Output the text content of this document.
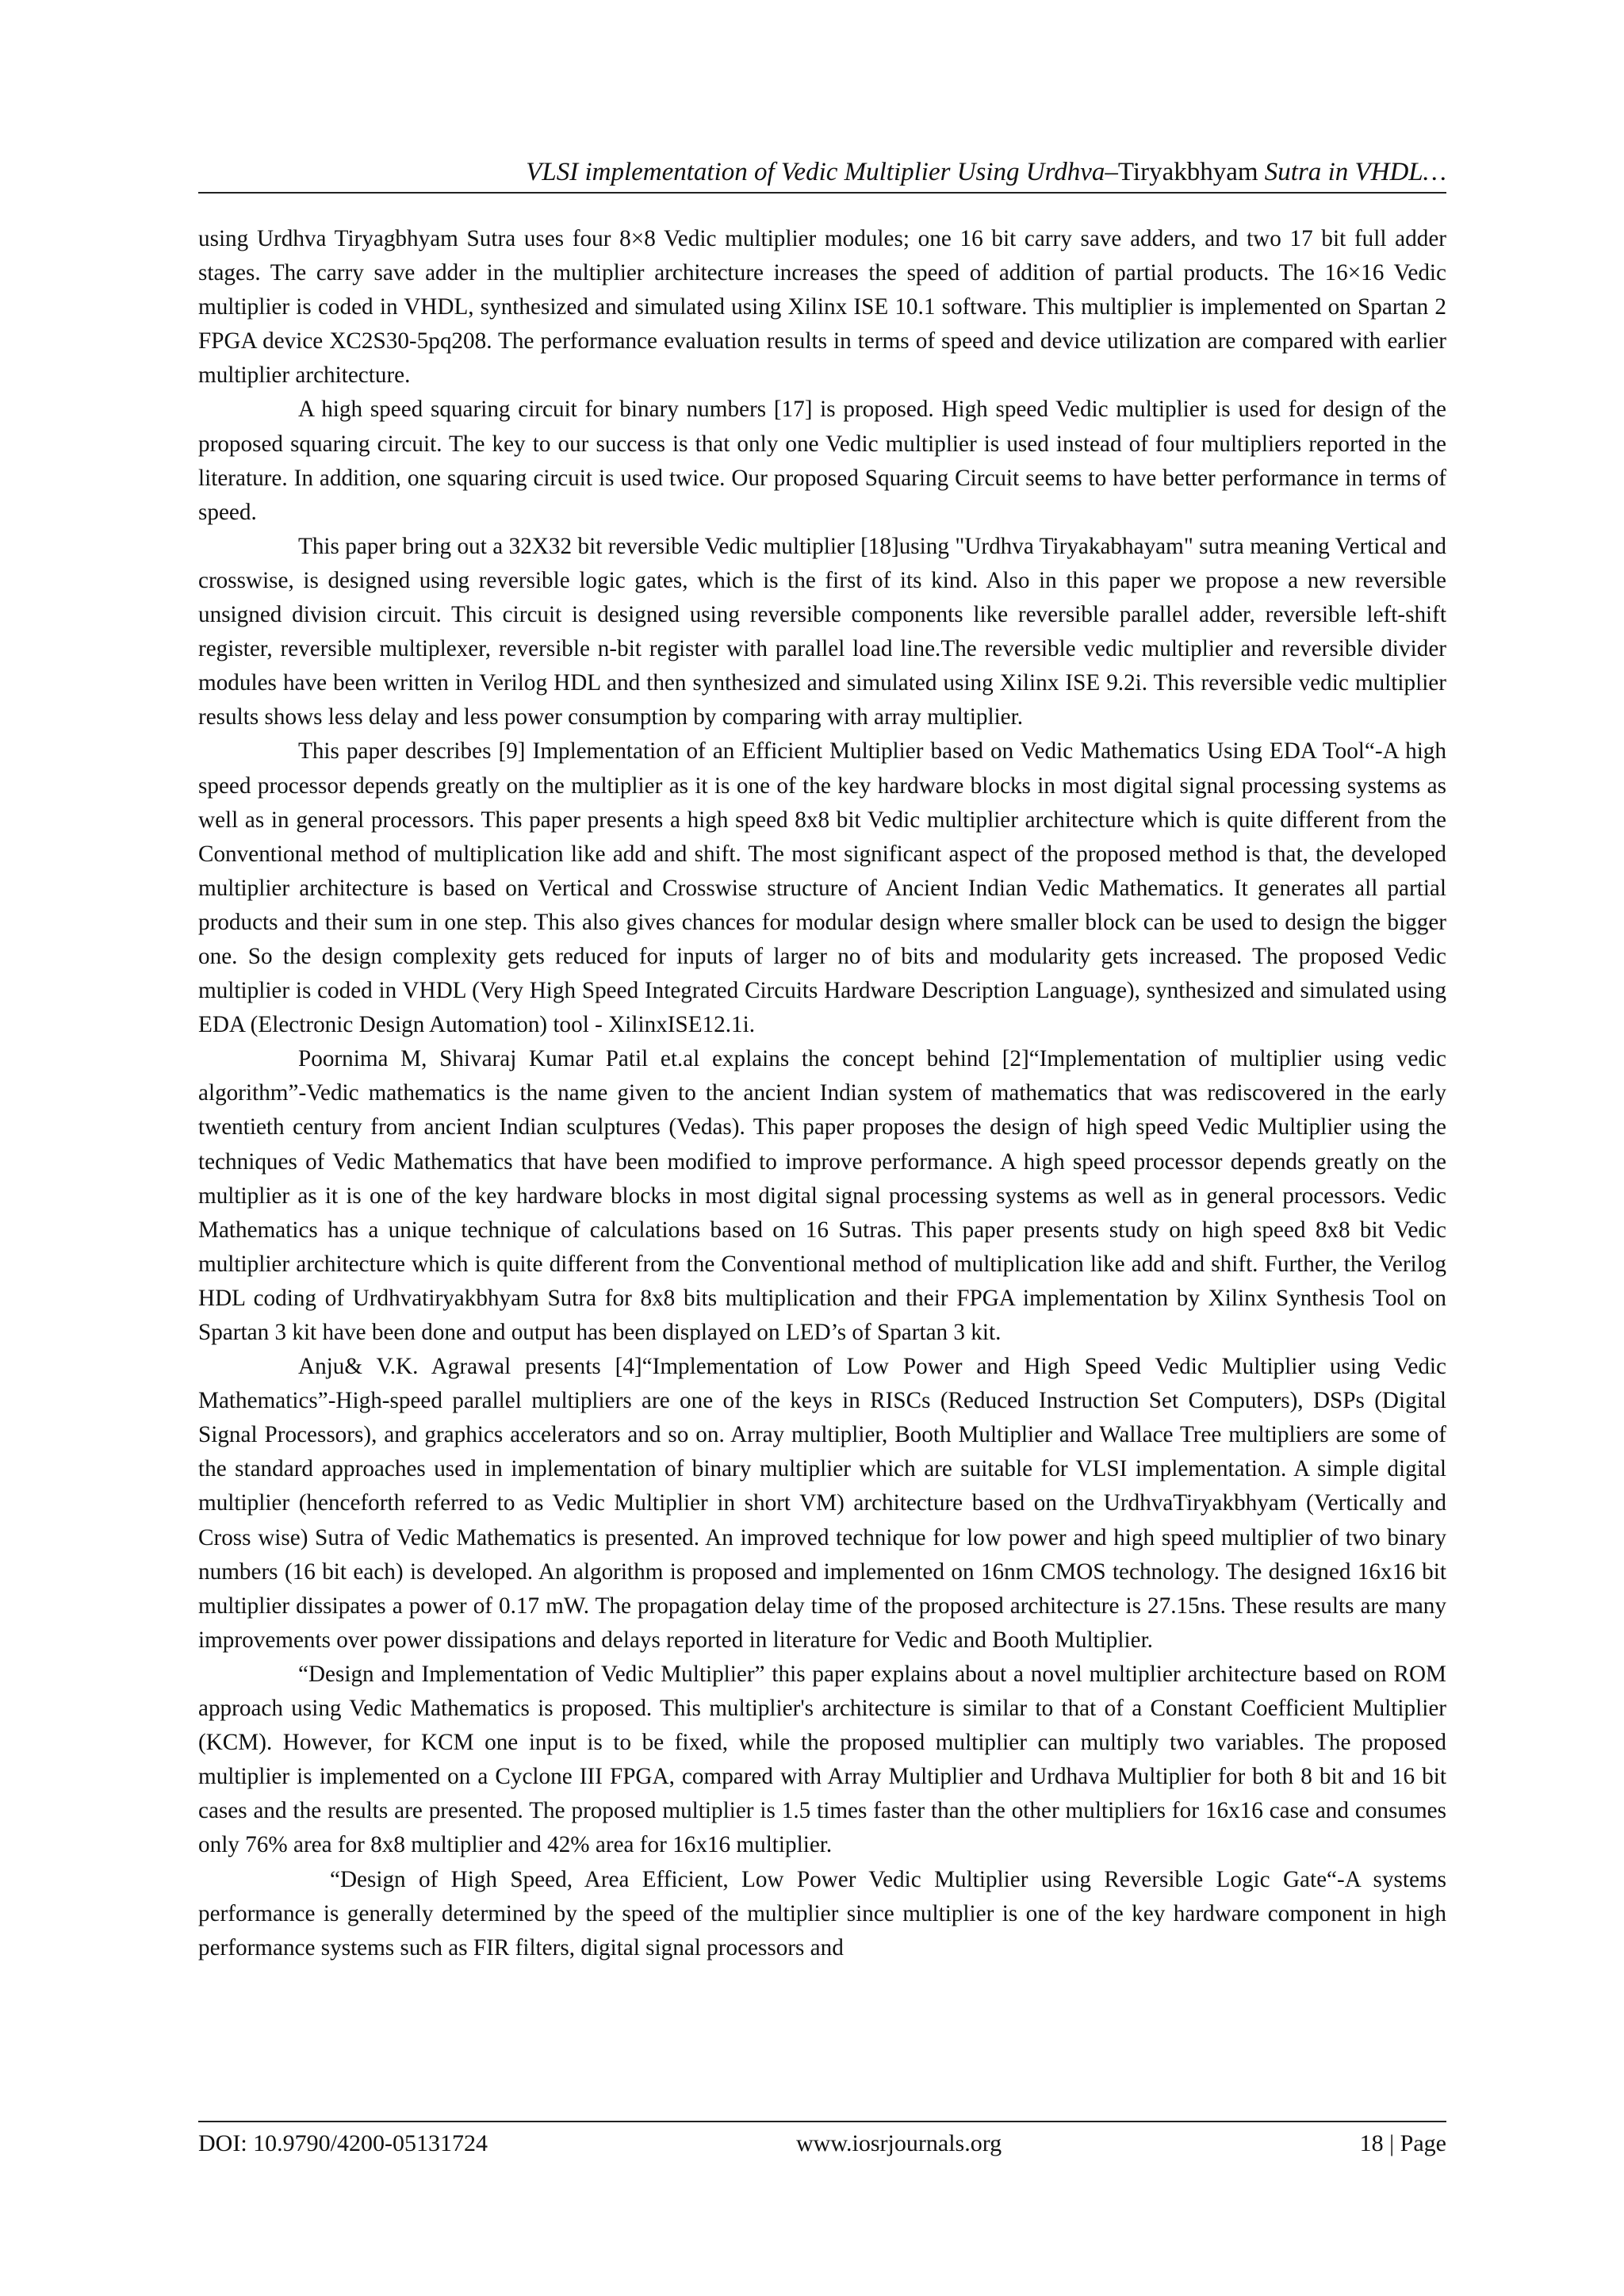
VLSI implementation of Vedic Multiplier Using Urdhva–Tiryakbhyam Sutra in VHDL…

using Urdhva Tiryagbhyam Sutra uses four 8×8 Vedic multiplier modules; one 16 bit carry save adders, and two 17 bit full adder stages. The carry save adder in the multiplier architecture increases the speed of addition of partial products. The 16×16 Vedic multiplier is coded in VHDL, synthesized and simulated using Xilinx ISE 10.1 software. This multiplier is implemented on Spartan 2 FPGA device XC2S30-5pq208. The performance evaluation results in terms of speed and device utilization are compared with earlier multiplier architecture.

A high speed squaring circuit for binary numbers [17] is proposed. High speed Vedic multiplier is used for design of the proposed squaring circuit. The key to our success is that only one Vedic multiplier is used instead of four multipliers reported in the literature. In addition, one squaring circuit is used twice. Our proposed Squaring Circuit seems to have better performance in terms of speed.

This paper bring out a 32X32 bit reversible Vedic multiplier [18]using "Urdhva Tiryakabhayam" sutra meaning Vertical and crosswise, is designed using reversible logic gates, which is the first of its kind. Also in this paper we propose a new reversible unsigned division circuit. This circuit is designed using reversible components like reversible parallel adder, reversible left-shift register, reversible multiplexer, reversible n-bit register with parallel load line.The reversible vedic multiplier and reversible divider modules have been written in Verilog HDL and then synthesized and simulated using Xilinx ISE 9.2i. This reversible vedic multiplier results shows less delay and less power consumption by comparing with array multiplier.

This paper describes [9] Implementation of an Efficient Multiplier based on Vedic Mathematics Using EDA Tool“-A high speed processor depends greatly on the multiplier as it is one of the key hardware blocks in most digital signal processing systems as well as in general processors. This paper presents a high speed 8x8 bit Vedic multiplier architecture which is quite different from the Conventional method of multiplication like add and shift. The most significant aspect of the proposed method is that, the developed multiplier architecture is based on Vertical and Crosswise structure of Ancient Indian Vedic Mathematics. It generates all partial products and their sum in one step. This also gives chances for modular design where smaller block can be used to design the bigger one. So the design complexity gets reduced for inputs of larger no of bits and modularity gets increased. The proposed Vedic multiplier is coded in VHDL (Very High Speed Integrated Circuits Hardware Description Language), synthesized and simulated using EDA (Electronic Design Automation) tool - XilinxISE12.1i.

Poornima M, Shivaraj Kumar Patil et.al explains the concept behind [2]“Implementation of multiplier using vedic algorithm”-Vedic mathematics is the name given to the ancient Indian system of mathematics that was rediscovered in the early twentieth century from ancient Indian sculptures (Vedas). This paper proposes the design of high speed Vedic Multiplier using the techniques of Vedic Mathematics that have been modified to improve performance. A high speed processor depends greatly on the multiplier as it is one of the key hardware blocks in most digital signal processing systems as well as in general processors. Vedic Mathematics has a unique technique of calculations based on 16 Sutras. This paper presents study on high speed 8x8 bit Vedic multiplier architecture which is quite different from the Conventional method of multiplication like add and shift. Further, the Verilog HDL coding of Urdhvatiryakbhyam Sutra for 8x8 bits multiplication and their FPGA implementation by Xilinx Synthesis Tool on Spartan 3 kit have been done and output has been displayed on LED’s of Spartan 3 kit.

Anju& V.K. Agrawal presents [4]“Implementation of Low Power and High Speed Vedic Multiplier using Vedic Mathematics”-High-speed parallel multipliers are one of the keys in RISCs (Reduced Instruction Set Computers), DSPs (Digital Signal Processors), and graphics accelerators and so on. Array multiplier, Booth Multiplier and Wallace Tree multipliers are some of the standard approaches used in implementation of binary multiplier which are suitable for VLSI implementation. A simple digital multiplier (henceforth referred to as Vedic Multiplier in short VM) architecture based on the UrdhvaTiryakbhyam (Vertically and Cross wise) Sutra of Vedic Mathematics is presented. An improved technique for low power and high speed multiplier of two binary numbers (16 bit each) is developed. An algorithm is proposed and implemented on 16nm CMOS technology. The designed 16x16 bit multiplier dissipates a power of 0.17 mW. The propagation delay time of the proposed architecture is 27.15ns. These results are many improvements over power dissipations and delays reported in literature for Vedic and Booth Multiplier.

“Design and Implementation of Vedic Multiplier” this paper explains about a novel multiplier architecture based on ROM approach using Vedic Mathematics is proposed. This multiplier's architecture is similar to that of a Constant Coefficient Multiplier (KCM). However, for KCM one input is to be fixed, while the proposed multiplier can multiply two variables. The proposed multiplier is implemented on a Cyclone III FPGA, compared with Array Multiplier and Urdhava Multiplier for both 8 bit and 16 bit cases and the results are presented. The proposed multiplier is 1.5 times faster than the other multipliers for 16x16 case and consumes only 76% area for 8x8 multiplier and 42% area for 16x16 multiplier.

“Design of High Speed, Area Efficient, Low Power Vedic Multiplier using Reversible Logic Gate“-A systems performance is generally determined by the speed of the multiplier since multiplier is one of the key hardware component in high performance systems such as FIR filters, digital signal processors and

DOI: 10.9790/4200-05131724	www.iosrjournals.org	18 | Page
